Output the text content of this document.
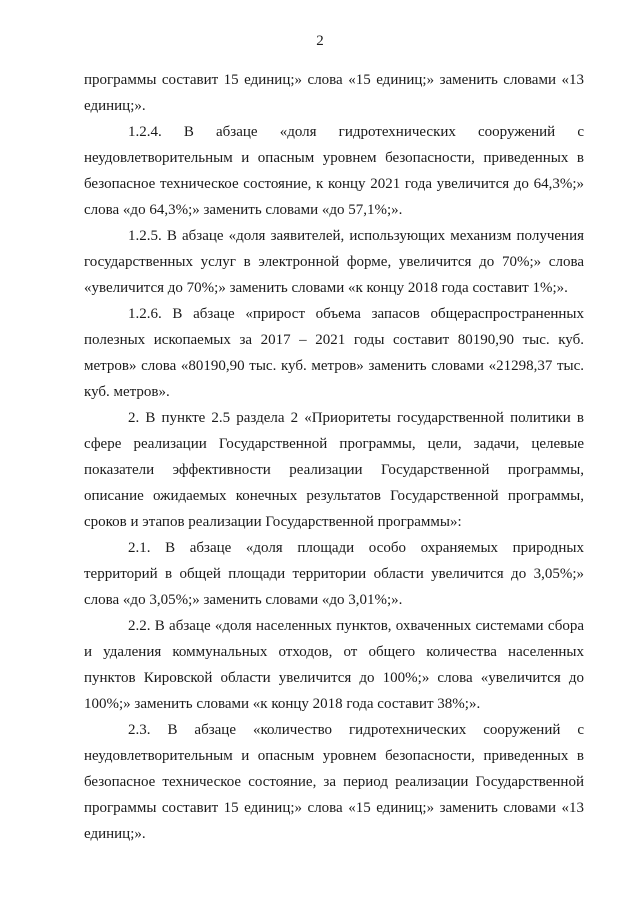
2

программы составит 15 единиц;» слова «15 единиц;» заменить словами «13 единиц;».

1.2.4. В абзаце «доля гидротехнических сооружений с неудовлетворительным и опасным уровнем безопасности, приведенных в безопасное техническое состояние, к концу 2021 года увеличится до 64,3%;» слова «до 64,3%;» заменить словами «до 57,1%;».

1.2.5. В абзаце «доля заявителей, использующих механизм получения государственных услуг в электронной форме, увеличится до 70%;» слова «увеличится до 70%;» заменить словами «к концу 2018 года составит 1%;».

1.2.6. В абзаце «прирост объема запасов общераспространенных полезных ископаемых за 2017 – 2021 годы составит 80190,90 тыс. куб. метров» слова «80190,90 тыс. куб. метров» заменить словами «21298,37 тыс. куб. метров».

2. В пункте 2.5 раздела 2 «Приоритеты государственной политики в сфере реализации Государственной программы, цели, задачи, целевые показатели эффективности реализации Государственной программы, описание ожидаемых конечных результатов Государственной программы, сроков и этапов реализации Государственной программы»:

2.1. В абзаце «доля площади особо охраняемых природных территорий в общей площади территории области увеличится до 3,05%;» слова «до 3,05%;» заменить словами «до 3,01%;».

2.2. В абзаце «доля населенных пунктов, охваченных системами сбора и удаления коммунальных отходов, от общего количества населенных пунктов Кировской области увеличится до 100%;» слова «увеличится до 100%;» заменить словами «к концу 2018 года составит 38%;».

2.3. В абзаце «количество гидротехнических сооружений с неудовлетворительным и опасным уровнем безопасности, приведенных в безопасное техническое состояние, за период реализации Государственной программы составит 15 единиц;» слова «15 единиц;» заменить словами «13 единиц;».
